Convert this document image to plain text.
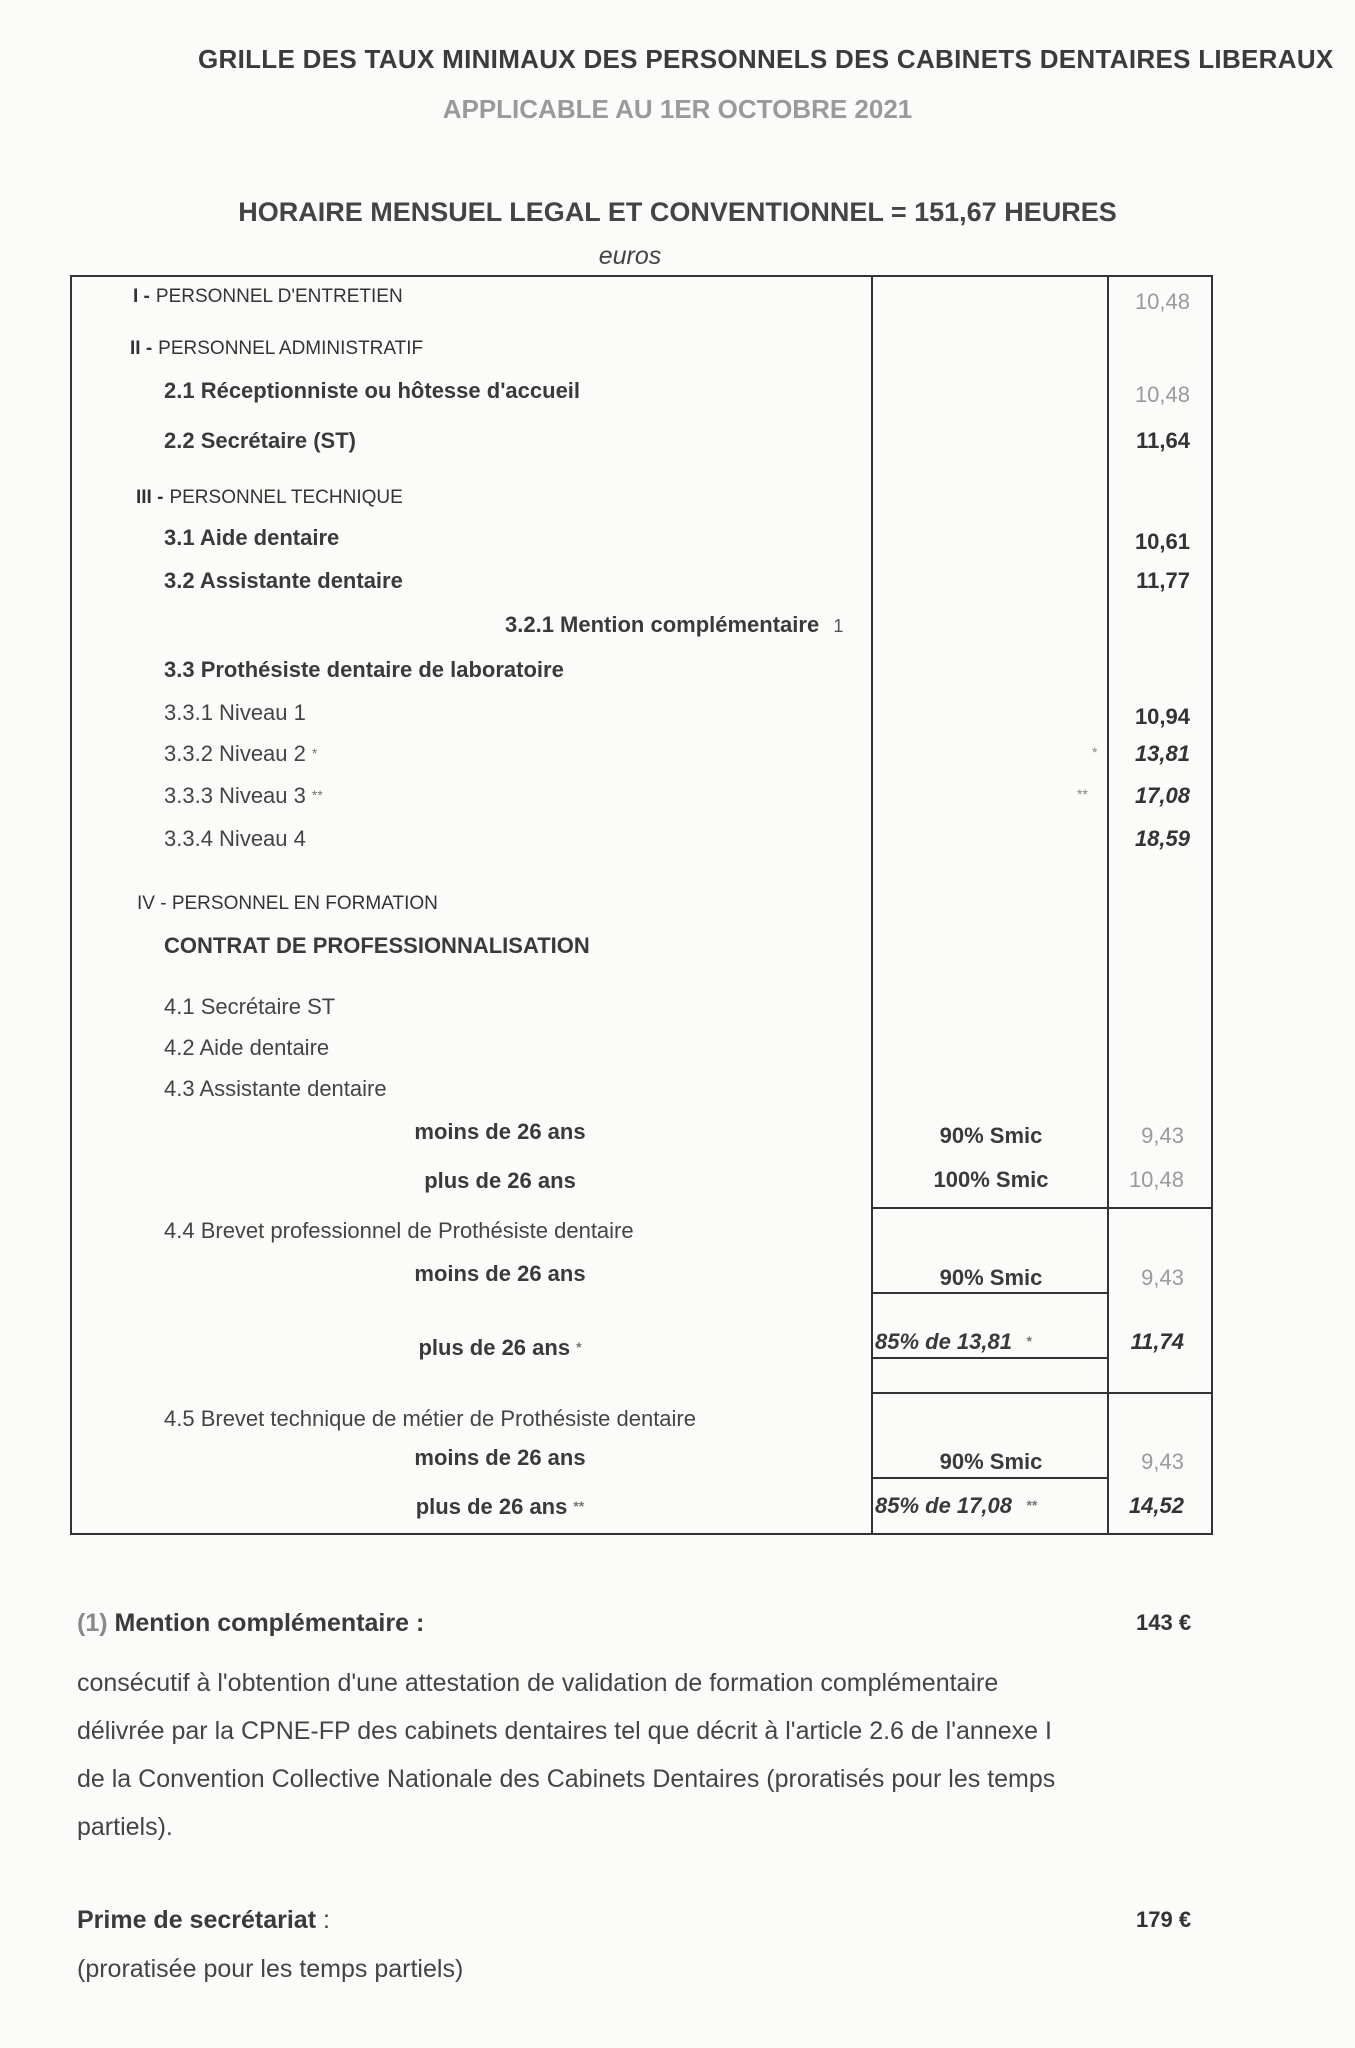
GRILLE DES TAUX MINIMAUX DES PERSONNELS DES CABINETS DENTAIRES LIBERAUX
APPLICABLE AU 1ER OCTOBRE 2021
HORAIRE MENSUEL LEGAL ET CONVENTIONNEL = 151,67 HEURES
euros
I - PERSONNEL D'ENTRETIEN	10,48
II - PERSONNEL ADMINISTRATIF
2.1 Réceptionniste ou hôtesse d'accueil	10,48
2.2 Secrétaire (ST)	11,64
III - PERSONNEL TECHNIQUE
3.1 Aide dentaire	10,61
3.2 Assistante dentaire	11,77
3.2.1 Mention complémentaire 1
3.3 Prothésiste dentaire de laboratoire
3.3.1 Niveau 1	10,94
3.3.2 Niveau 2 *	*	13,81
3.3.3 Niveau 3 **	**	17,08
3.3.4 Niveau 4	18,59
IV - PERSONNEL EN FORMATION
CONTRAT DE PROFESSIONNALISATION
4.1 Secrétaire ST
4.2 Aide dentaire
4.3 Assistante dentaire
moins de 26 ans	90% Smic	9,43
plus de 26 ans	100% Smic	10,48
4.4 Brevet professionnel de Prothésiste dentaire
moins de 26 ans	90% Smic	9,43
plus de 26 ans *	85% de 13,81 *	11,74
4.5 Brevet technique de métier de Prothésiste dentaire
moins de 26 ans	90% Smic	9,43
plus de 26 ans **	85% de 17,08 **	14,52
(1) Mention complémentaire :	143 €
consécutif à l'obtention d'une attestation de validation de formation complémentaire
délivrée par la CPNE-FP des cabinets dentaires tel que décrit à l'article 2.6 de l'annexe I
de la Convention Collective Nationale des Cabinets Dentaires (proratisés pour les temps
partiels).
Prime de secrétariat :	179 €
(proratisée pour les temps partiels)
